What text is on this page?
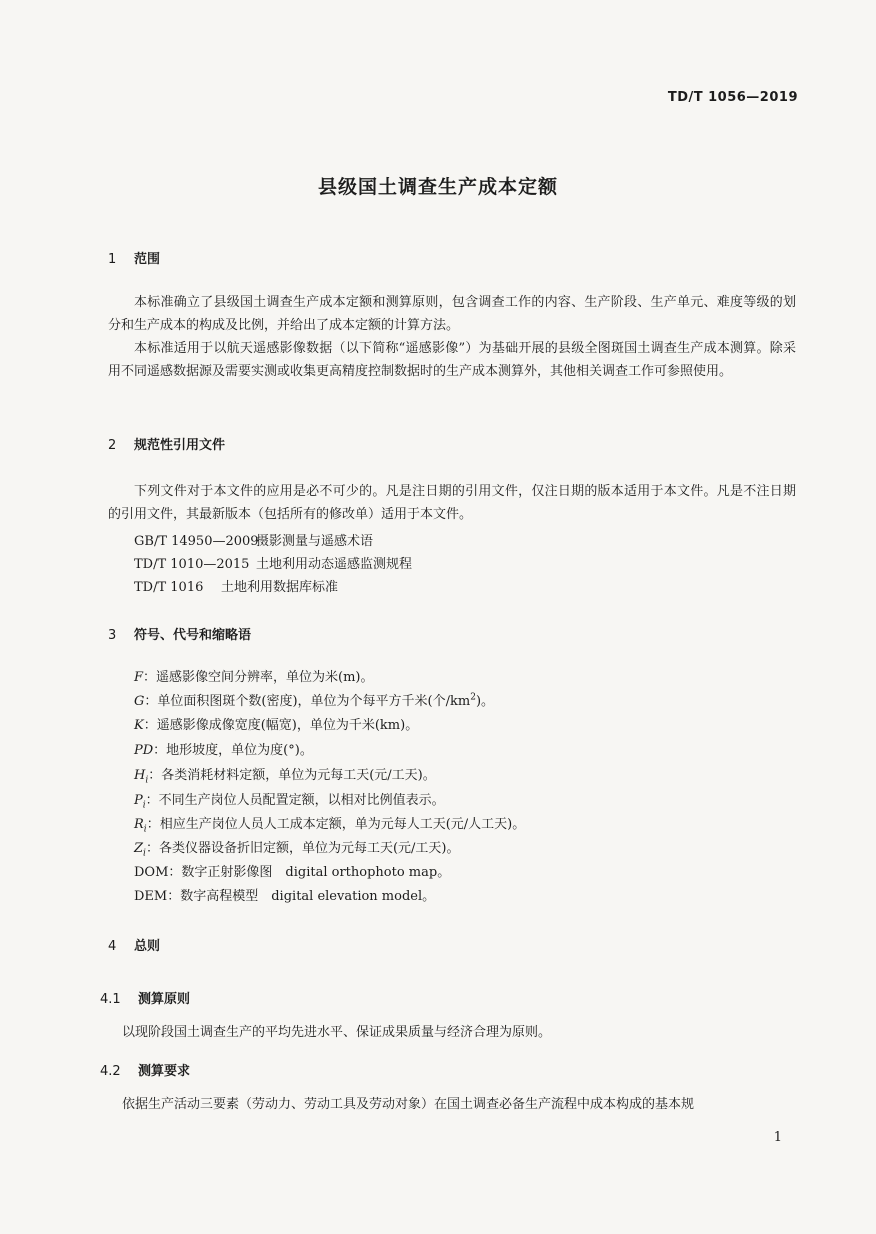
TD/T 1056—2019
县级国土调查生产成本定额
1 范围
本标准确立了县级国土调查生产成本定额和测算原则，包含调查工作的内容、生产阶段、生产单元、难度等级的划分和生产成本的构成及比例，并给出了成本定额的计算方法。
本标准适用于以航天遥感影像数据（以下简称“遥感影像”）为基础开展的县级全图斑国土调查生产成本测算。除采用不同遥感数据源及需要实测或收集更高精度控制数据时的生产成本测算外，其他相关调查工作可参照使用。
2 规范性引用文件
下列文件对于本文件的应用是必不可少的。凡是注日期的引用文件，仅注日期的版本适用于本文件。凡是不注日期的引用文件，其最新版本（包括所有的修改单）适用于本文件。
GB/T 14950—2009摄影测量与遥感术语
TD/T 1010—2015 土地利用动态遥感监测规程
TD/T 1016 土地利用数据库标准
3 符号、代号和缩略语
F：遥感影像空间分辨率，单位为米(m)。
G：单位面积图斑个数(密度)，单位为个每平方千米(个$/km^2$)。
K：遥感影像成像宽度(幅宽)，单位为千米(km)。
PD：地形坡度，单位为度(°)。
$H_i$：各类消耗材料定额，单位为元每工天(元/工天)。
$P_i$：不同生产岗位人员配置定额，以相对比例值表示。
$R_i$：相应生产岗位人员人工成本定额，单为元每人工天(元/人工天)。
$Z_i$：各类仪器设备折旧定额，单位为元每工天(元/工天)。
DOM：数字正射影像图　digital orthophoto map。
DEM：数字高程模型　digital elevation model。
4 总则
4.1 测算原则
以现阶段国土调查生产的平均先进水平、保证成果质量与经济合理为原则。
4.2 测算要求
依据生产活动三要素（劳动力、劳动工具及劳动对象）在国土调查必备生产流程中成本构成的基本规
1
